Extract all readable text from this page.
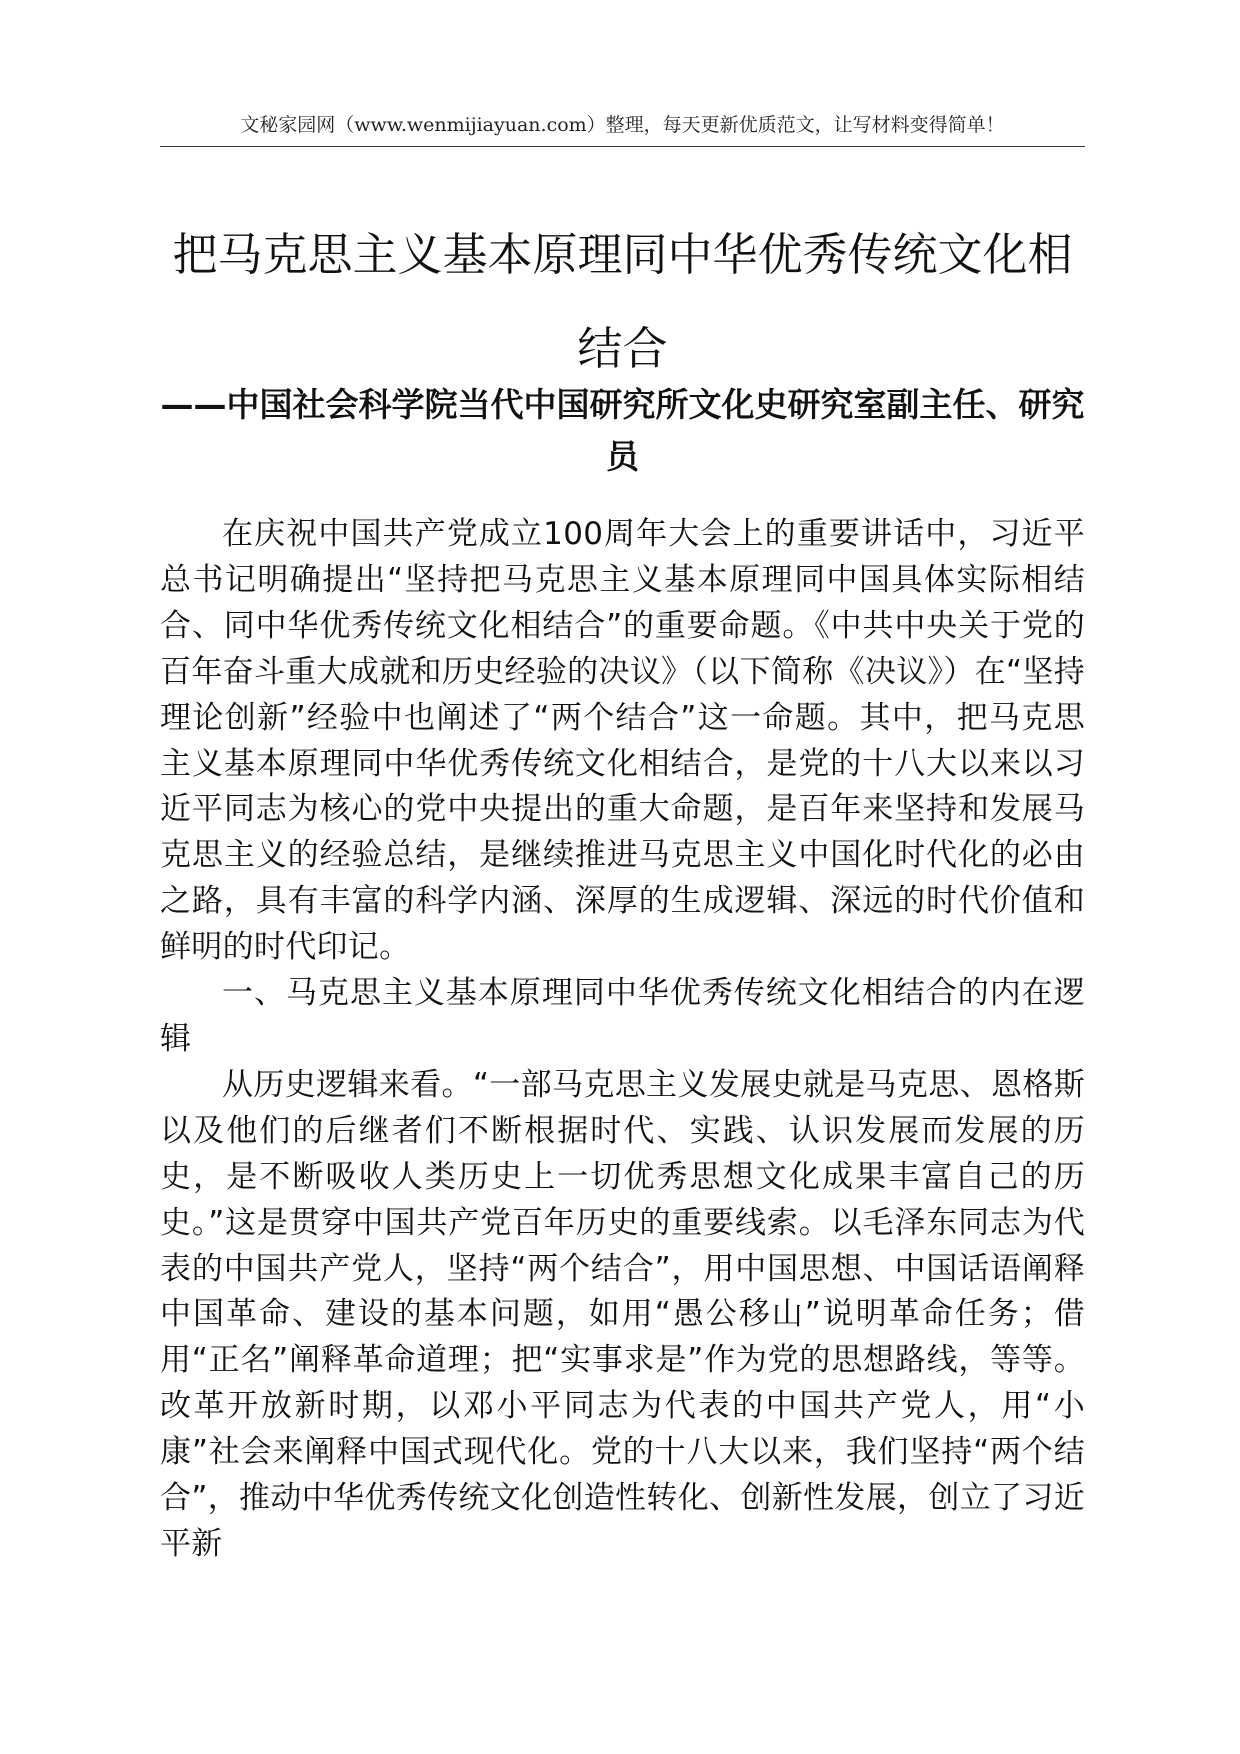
文秘家园网（www.wenmijiayuan.com）整理，每天更新优质范文，让写材料变得简单！
把马克思主义基本原理同中华优秀传统文化相结合
——中国社会科学院当代中国研究所文化史研究室副主任、研究员

在庆祝中国共产党成立100周年大会上的重要讲话中，习近平总书记明确提出“坚持把马克思主义基本原理同中国具体实际相结合、同中华优秀传统文化相结合”的重要命题。《中共中央关于党的百年奋斗重大成就和历史经验的决议》（以下简称《决议》）在“坚持理论创新”经验中也阐述了“两个结合”这一命题。其中，把马克思主义基本原理同中华优秀传统文化相结合，是党的十八大以来以习近平同志为核心的党中央提出的重大命题，是百年来坚持和发展马克思主义的经验总结，是继续推进马克思主义中国化时代化的必由之路，具有丰富的科学内涵、深厚的生成逻辑、深远的时代价值和鲜明的时代印记。

一、马克思主义基本原理同中华优秀传统文化相结合的内在逻辑

从历史逻辑来看。“一部马克思主义发展史就是马克思、恩格斯以及他们的后继者们不断根据时代、实践、认识发展而发展的历史，是不断吸收人类历史上一切优秀思想文化成果丰富自己的历史。”这是贯穿中国共产党百年历史的重要线索。以毛泽东同志为代表的中国共产党人，坚持“两个结合”，用中国思想、中国话语阐释中国革命、建设的基本问题，如用“愚公移山”说明革命任务；借用“正名”阐释革命道理；把“实事求是”作为党的思想路线，等等。改革开放新时期，以邓小平同志为代表的中国共产党人，用“小康”社会来阐释中国式现代化。党的十八大以来，我们坚持“两个结合”，推动中华优秀传统文化创造性转化、创新性发展，创立了习近平新
